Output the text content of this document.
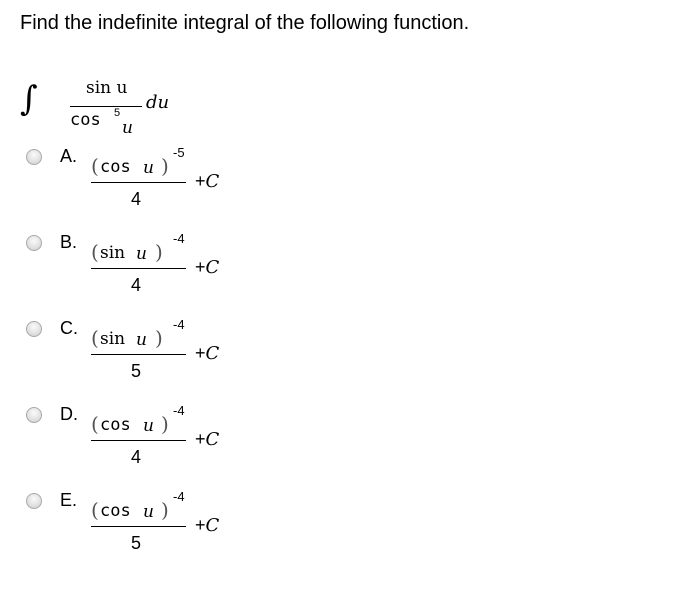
Find the indefinite integral of the following function.
∫	sin u
cos 5
u
du
A. ( cos u )
-5
4
+C
B. ( sin u )
-4
4
+C
C. ( sin u )
-4
5
+C
D. ( cos u )
-4
4
+C
E. ( cos u )
-4
5
+C
